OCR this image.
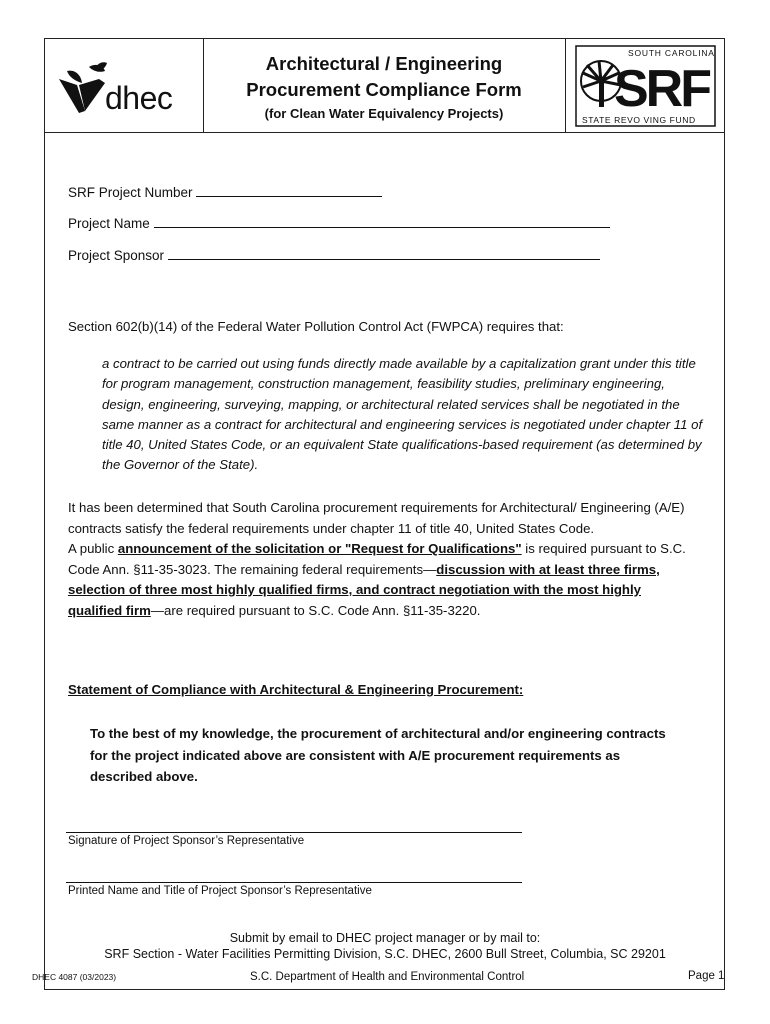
dhec
Architectural / Engineering
Procurement Compliance Form
(for Clean Water Equivalency Projects)
SOUTH CAROLINA
SRF
STATE REVO VING FUND
SRF Project Number
Project Name
Project Sponsor
Section 602(b)(14) of the Federal Water Pollution Control Act (FWPCA) requires that:
a contract to be carried out using funds directly made available by a capitalization grant under this title for program management, construction management, feasibility studies, preliminary engineering, design, engineering, surveying, mapping, or architectural related services shall be negotiated in the same manner as a contract for architectural and engineering services is negotiated under chapter 11 of title 40, United States Code, or an equivalent State qualifications-based requirement (as determined by the Governor of the State).
It has been determined that South Carolina procurement requirements for Architectural/ Engineering (A/E) contracts satisfy the federal requirements under chapter 11 of title 40, United States Code.
A public announcement of the solicitation or "Request for Qualifications" is required pursuant to S.C. Code Ann. §11-35-3023. The remaining federal requirements—discussion with at least three firms, selection of three most highly qualified firms, and contract negotiation with the most highly qualified firm—are required pursuant to S.C. Code Ann. §11-35-3220.
Statement of Compliance with Architectural & Engineering Procurement:
To the best of my knowledge, the procurement of architectural and/or engineering contracts for the project indicated above are consistent with A/E procurement requirements as described above.
Signature of Project Sponsor’s Representative
Printed Name and Title of Project Sponsor’s Representative
Submit by email to DHEC project manager or by mail to:
SRF Section - Water Facilities Permitting Division, S.C. DHEC, 2600 Bull Street, Columbia, SC 29201
DHEC 4087 (03/2023)	S.C. Department of Health and Environmental Control	Page 1
